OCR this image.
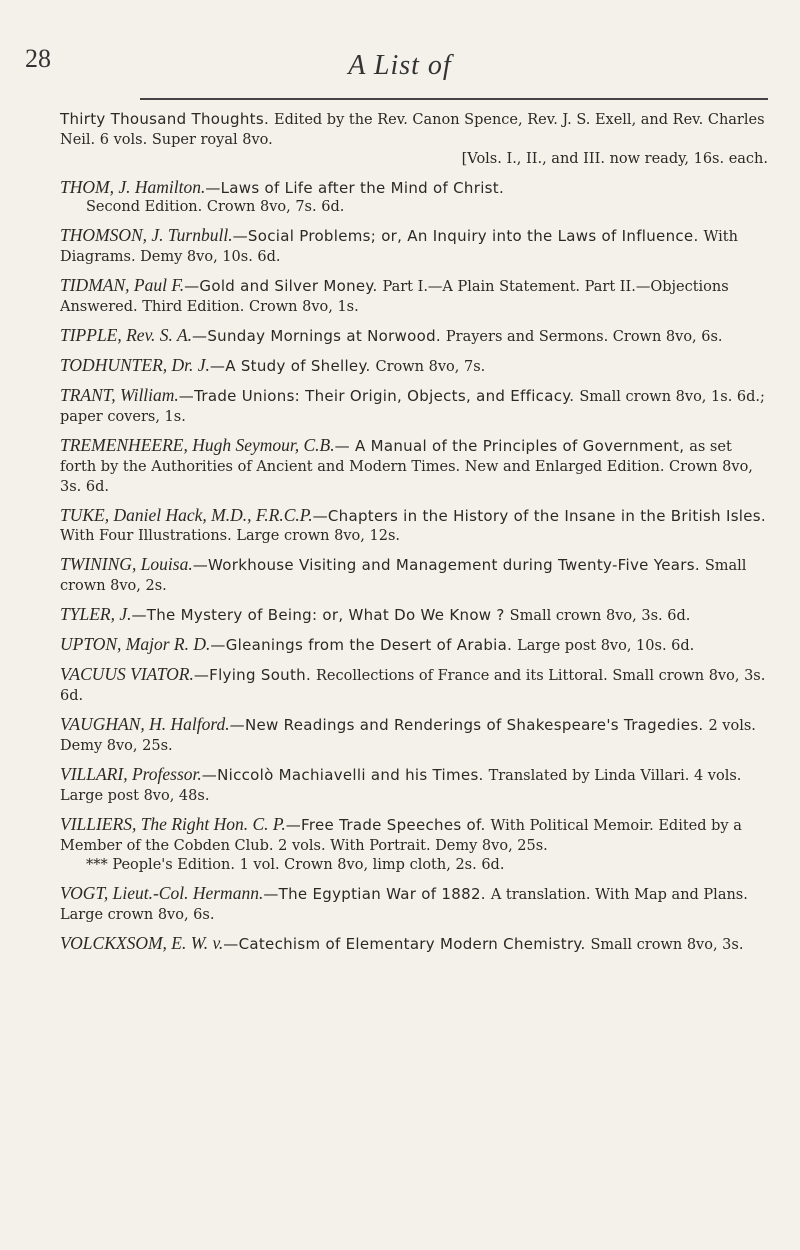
28	A List of
Thirty Thousand Thoughts. Edited by the Rev. Canon Spence, Rev. J. S. Exell, and Rev. Charles Neil. 6 vols. Super royal 8vo.
[Vols. I., II., and III. now ready, 16s. each.
THOM, J. Hamilton.—Laws of Life after the Mind of Christ.
Second Edition. Crown 8vo, 7s. 6d.
THOMSON, J. Turnbull.—Social Problems; or, An Inquiry into the Laws of Influence. With Diagrams. Demy 8vo, 10s. 6d.
TIDMAN, Paul F.—Gold and Silver Money. Part I.—A Plain Statement. Part II.—Objections Answered. Third Edition. Crown 8vo, 1s.
TIPPLE, Rev. S. A.—Sunday Mornings at Norwood. Prayers and Sermons. Crown 8vo, 6s.
TODHUNTER, Dr. J.—A Study of Shelley. Crown 8vo, 7s.
TRANT, William.—Trade Unions: Their Origin, Objects, and Efficacy. Small crown 8vo, 1s. 6d.; paper covers, 1s.
TREMENHEERE, Hugh Seymour, C.B.— A Manual of the Principles of Government, as set forth by the Authorities of Ancient and Modern Times. New and Enlarged Edition. Crown 8vo, 3s. 6d.
TUKE, Daniel Hack, M.D., F.R.C.P.—Chapters in the History of the Insane in the British Isles. With Four Illustrations. Large crown 8vo, 12s.
TWINING, Louisa.—Workhouse Visiting and Management during Twenty-Five Years. Small crown 8vo, 2s.
TYLER, J.—The Mystery of Being: or, What Do We Know ? Small crown 8vo, 3s. 6d.
UPTON, Major R. D.—Gleanings from the Desert of Arabia. Large post 8vo, 10s. 6d.
VACUUS VIATOR.—Flying South. Recollections of France and its Littoral. Small crown 8vo, 3s. 6d.
VAUGHAN, H. Halford.—New Readings and Renderings of Shakespeare's Tragedies. 2 vols. Demy 8vo, 25s.
VILLARI, Professor.—Niccolò Machiavelli and his Times. Translated by Linda Villari. 4 vols. Large post 8vo, 48s.
VILLIERS, The Right Hon. C. P.—Free Trade Speeches of. With Political Memoir. Edited by a Member of the Cobden Club. 2 vols. With Portrait. Demy 8vo, 25s.
*** People's Edition. 1 vol. Crown 8vo, limp cloth, 2s. 6d.
VOGT, Lieut.-Col. Hermann.—The Egyptian War of 1882. A translation. With Map and Plans. Large crown 8vo, 6s.
VOLCKXSOM, E. W. v.—Catechism of Elementary Modern Chemistry. Small crown 8vo, 3s.
